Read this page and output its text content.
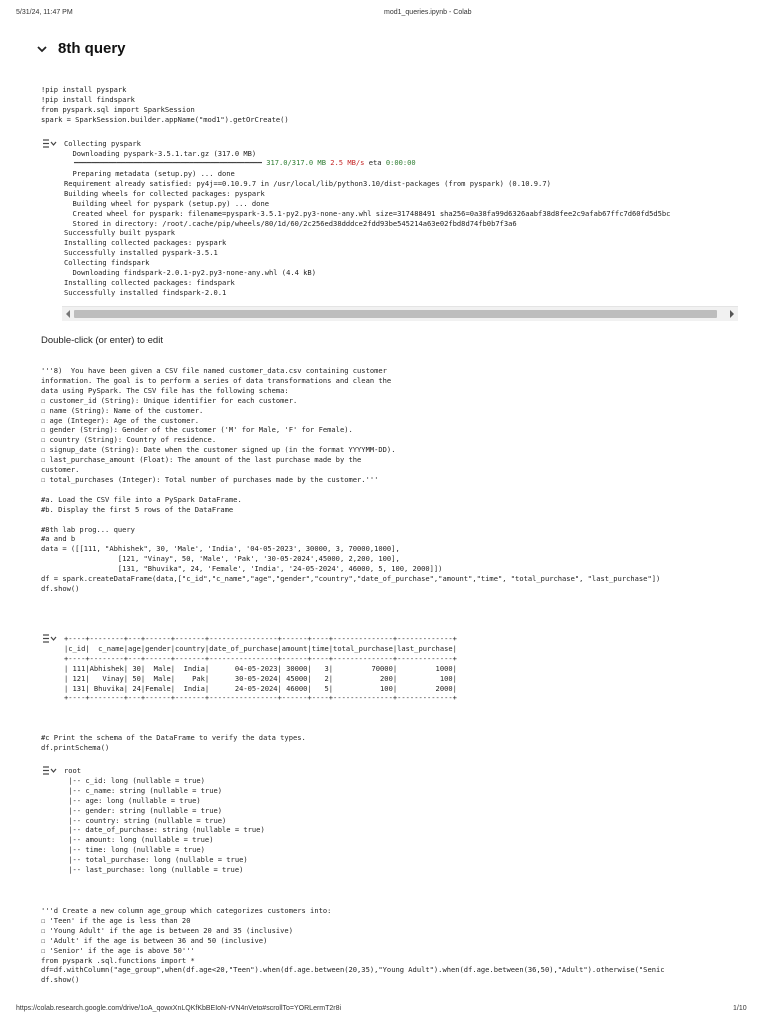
5/31/24, 11:47 PM	mod1_queries.ipynb - Colab
8th query
!pip install pyspark
!pip install findspark
from pyspark.sql import SparkSession
spark = SparkSession.builder.appName("mod1").getOrCreate()
Collecting pyspark
Downloading pyspark-3.5.1.tar.gz (317.0 MB)
━━━━━━━━━━━━━━━━━━━━━━━━━━━━━━━━━━━━━━━━━━━━ 317.0/317.0 MB 2.5 MB/s eta 0:00:00
Preparing metadata (setup.py) ... done
Requirement already satisfied: py4j==0.10.9.7 in /usr/local/lib/python3.10/dist-packages (from pyspark) (0.10.9.7)
Building wheels for collected packages: pyspark
Building wheel for pyspark (setup.py) ... done
Created wheel for pyspark: filename=pyspark-3.5.1-py2.py3-none-any.whl size=317488491 sha256=0a38fa99d6326aabf38d8fee2c9afab67ffc7d60fd5d5bc
Stored in directory: /root/.cache/pip/wheels/80/1d/60/2c256ed38dddce2fdd93be545214a63e02fbd8d74fb0b7f3a6
Successfully built pyspark
Installing collected packages: pyspark
Successfully installed pyspark-3.5.1
Collecting findspark
Downloading findspark-2.0.1-py2.py3-none-any.whl (4.4 kB)
Installing collected packages: findspark
Successfully installed findspark-2.0.1
Double-click (or enter) to edit
'''8)  You have been given a CSV file named customer_data.csv containing customer
information. The goal is to perform a series of data transformations and clean the
data using PySpark. The CSV file has the following schema:
☐ customer_id (String): Unique identifier for each customer.
☐ name (String): Name of the customer.
☐ age (Integer): Age of the customer.
☐ gender (String): Gender of the customer ('M' for Male, 'F' for Female).
☐ country (String): Country of residence.
☐ signup_date (String): Date when the customer signed up (in the format YYYYMM-DD).
☐ last_purchase_amount (Float): The amount of the last purchase made by the
customer.
☐ total_purchases (Integer): Total number of purchases made by the customer.'''

#a. Load the CSV file into a PySpark DataFrame.
#b. Display the first 5 rows of the DataFrame

#8th lab prog... query
#a and b
data = ([[111, "Abhishek", 30, 'Male', 'India', '04-05-2023', 30000, 3, 70000,1000],
[121, "Vinay", 50, 'Male', 'Pak', '30-05-2024',45000, 2,200, 100],
[131, "Bhuvika", 24, 'Female', 'India', '24-05-2024', 46000, 5, 100, 2000]])
df = spark.createDataFrame(data,["c_id","c_name","age","gender","country","date_of_purchase","amount","time", "total_purchase", "last_purchase"])
df.show()
+----+--------+---+------+-------+----------------+------+----+--------------+-------------+
|c_id|  c_name|age|gender|country|date_of_purchase|amount|time|total_purchase|last_purchase|
+----+--------+---+------+-------+----------------+------+----+--------------+-------------+
| 111|Abhishek| 30|  Male|  India|      04-05-2023| 30000|   3|         70000|         1000|
| 121|   Vinay| 50|  Male|    Pak|      30-05-2024| 45000|   2|           200|          100|
| 131| Bhuvika| 24|Female|  India|      24-05-2024| 46000|   5|           100|         2000|
+----+--------+---+------+-------+----------------+------+----+--------------+-------------+
#c Print the schema of the DataFrame to verify the data types.
df.printSchema()
root
|-- c_id: long (nullable = true)
|-- c_name: string (nullable = true)
|-- age: long (nullable = true)
|-- gender: string (nullable = true)
|-- country: string (nullable = true)
|-- date_of_purchase: string (nullable = true)
|-- amount: long (nullable = true)
|-- time: long (nullable = true)
|-- total_purchase: long (nullable = true)
|-- last_purchase: long (nullable = true)
'''d Create a new column age_group which categorizes customers into:
☐ 'Teen' if the age is less than 20
☐ 'Young Adult' if the age is between 20 and 35 (inclusive)
☐ 'Adult' if the age is between 36 and 50 (inclusive)
☐ 'Senior' if the age is above 50'''
from pyspark .sql.functions import *
df=df.withColumn("age_group",when(df.age<20,"Teen").when(df.age.between(20,35),"Young Adult").when(df.age.between(36,50),"Adult").otherwise("Senic
df.show()
https://colab.research.google.com/drive/1oA_qowxXnLQKfKbBEIoN-rVN4nVeto#scrollTo=YORLermT2r8i	1/10
